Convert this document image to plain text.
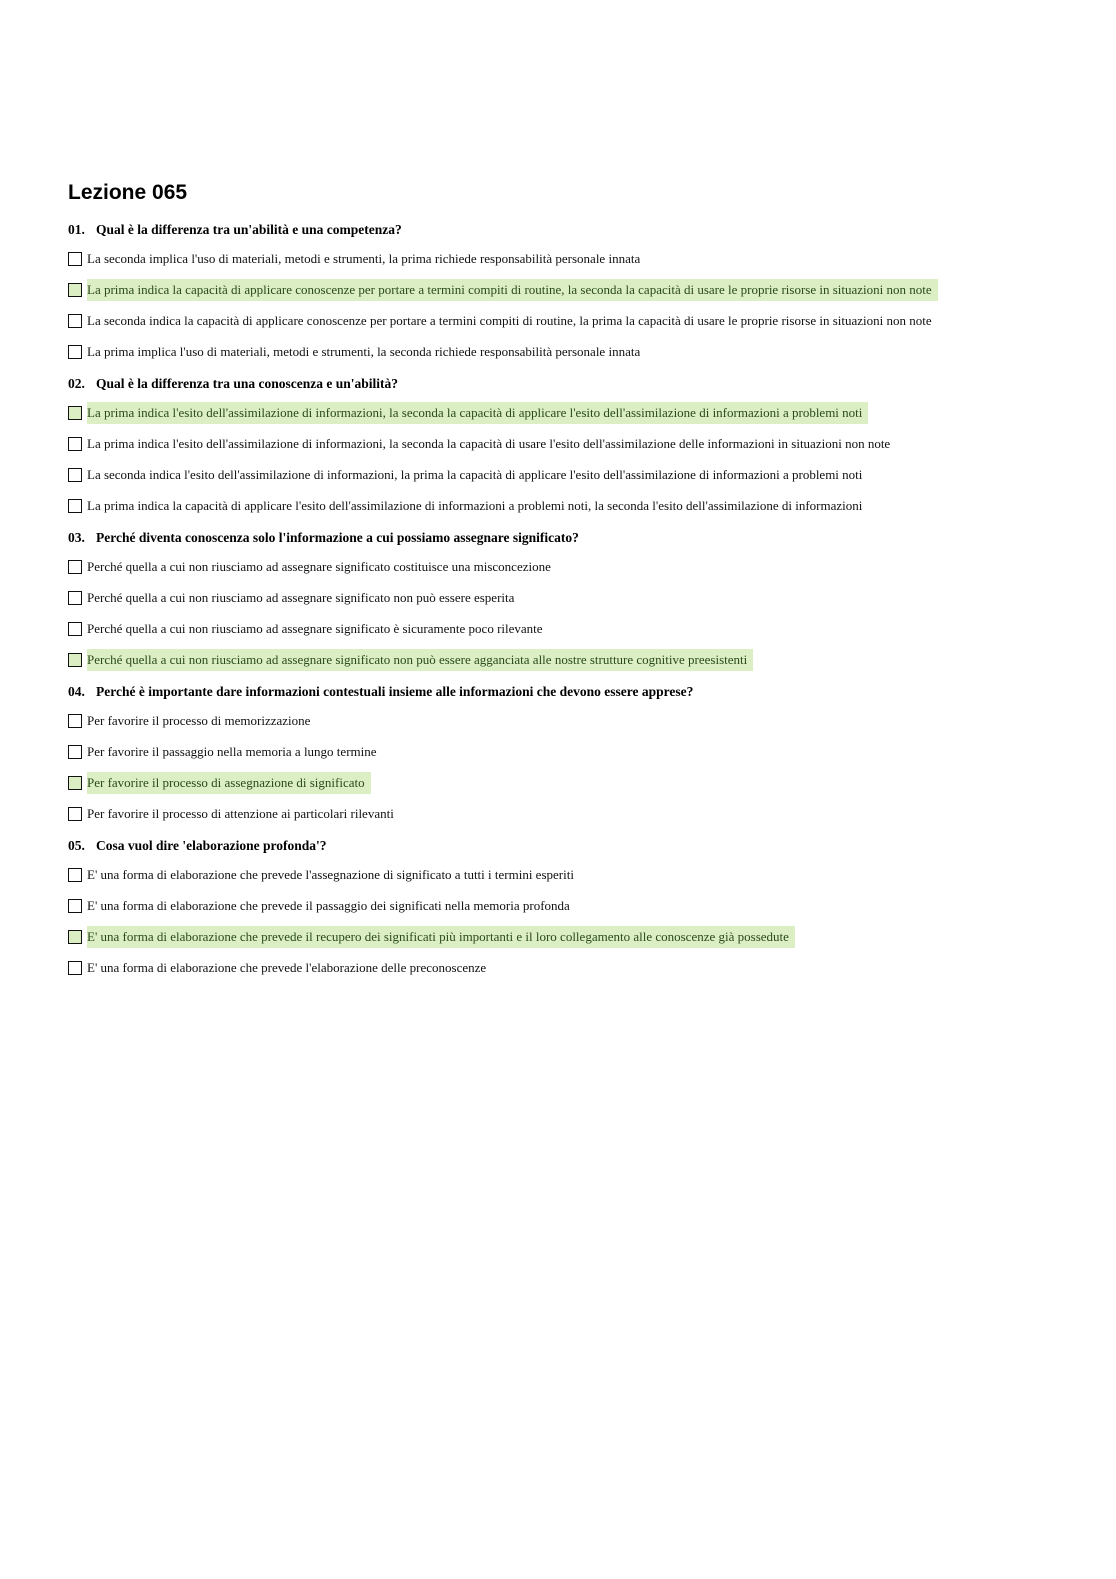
Lezione 065
01. Qual è la differenza tra un'abilità e una competenza?
La seconda implica l'uso di materiali, metodi e strumenti, la prima richiede responsabilità personale innata
La prima indica la capacità di applicare conoscenze per portare a termini compiti di routine, la seconda la capacità di usare le proprie risorse in situazioni non note
La seconda indica la capacità di applicare conoscenze per portare a termini compiti di routine, la prima la capacità di usare le proprie risorse in situazioni non note
La prima implica l'uso di materiali, metodi e strumenti, la seconda richiede responsabilità personale innata
02. Qual è la differenza tra una conoscenza e un'abilità?
La prima indica l'esito dell'assimilazione di informazioni, la seconda la capacità di applicare l'esito dell'assimilazione di informazioni a problemi noti
La prima indica l'esito dell'assimilazione di informazioni, la seconda la capacità di usare l'esito dell'assimilazione delle informazioni in situazioni non note
La seconda indica l'esito dell'assimilazione di informazioni, la prima la capacità di applicare l'esito dell'assimilazione di informazioni a problemi noti
La prima indica la capacità di applicare l'esito dell'assimilazione di informazioni a problemi noti, la seconda l'esito dell'assimilazione di informazioni
03. Perché diventa conoscenza solo l'informazione a cui possiamo assegnare significato?
Perché quella a cui non riusciamo ad assegnare significato costituisce una misconcezione
Perché quella a cui non riusciamo ad assegnare significato non può essere esperita
Perché quella a cui non riusciamo ad assegnare significato è sicuramente poco rilevante
Perché quella a cui non riusciamo ad assegnare significato non può essere agganciata alle nostre strutture cognitive preesistenti
04. Perché è importante dare informazioni contestuali insieme alle informazioni che devono essere apprese?
Per favorire il processo di memorizzazione
Per favorire il passaggio nella memoria a lungo termine
Per favorire il processo di assegnazione di significato
Per favorire il processo di attenzione ai particolari rilevanti
05. Cosa vuol dire 'elaborazione profonda'?
E' una forma di elaborazione che prevede l'assegnazione di significato a tutti i termini esperiti
E' una forma di elaborazione che prevede il passaggio dei significati nella memoria profonda
E' una forma di elaborazione che prevede il recupero dei significati più importanti e il loro collegamento alle conoscenze già possedute
E' una forma di elaborazione che prevede l'elaborazione delle preconoscenze
